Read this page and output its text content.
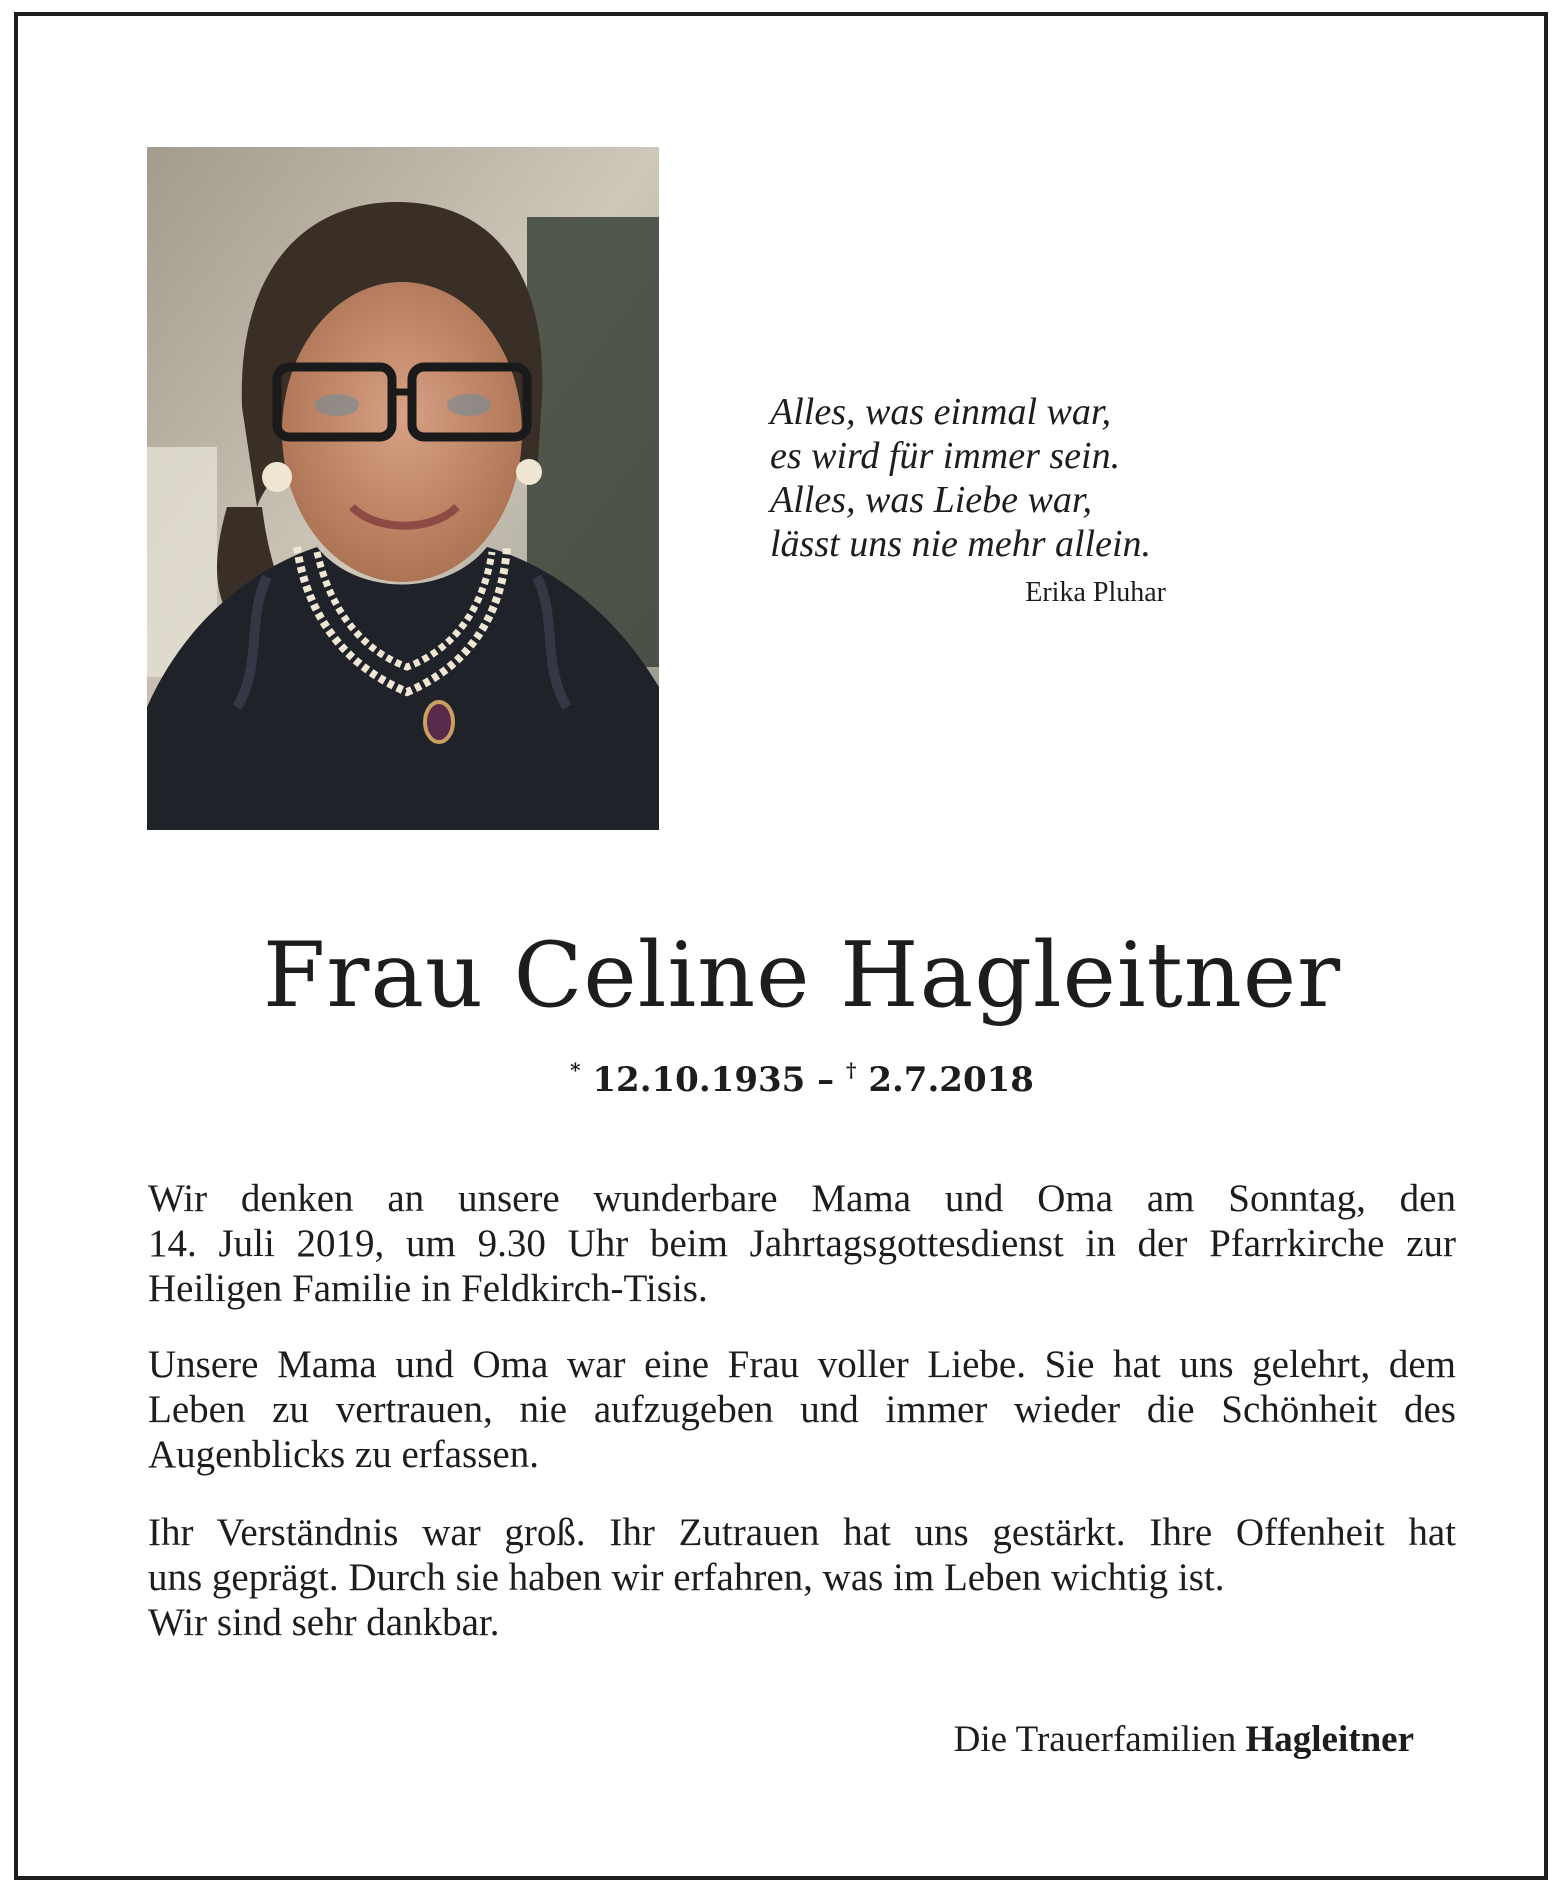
Alles, was einmal war,
es wird für immer sein.
Alles, was Liebe war,
lässt uns nie mehr allein.
Erika Pluhar
Frau Celine Hagleitner
* 12.10.1935 – † 2.7.2018
Wir denken an unsere wunderbare Mama und Oma am Sonntag, den
14. Juli 2019, um 9.30 Uhr beim Jahrtagsgottesdienst in der Pfarrkirche zur
Heiligen Familie in Feldkirch-Tisis.
Unsere Mama und Oma war eine Frau voller Liebe. Sie hat uns gelehrt, dem
Leben zu vertrauen, nie aufzugeben und immer wieder die Schönheit des
Augenblicks zu erfassen.
Ihr Verständnis war groß. Ihr Zutrauen hat uns gestärkt. Ihre Offenheit hat
uns geprägt. Durch sie haben wir erfahren, was im Leben wichtig ist.
Wir sind sehr dankbar.
Die Trauerfamilien Hagleitner
